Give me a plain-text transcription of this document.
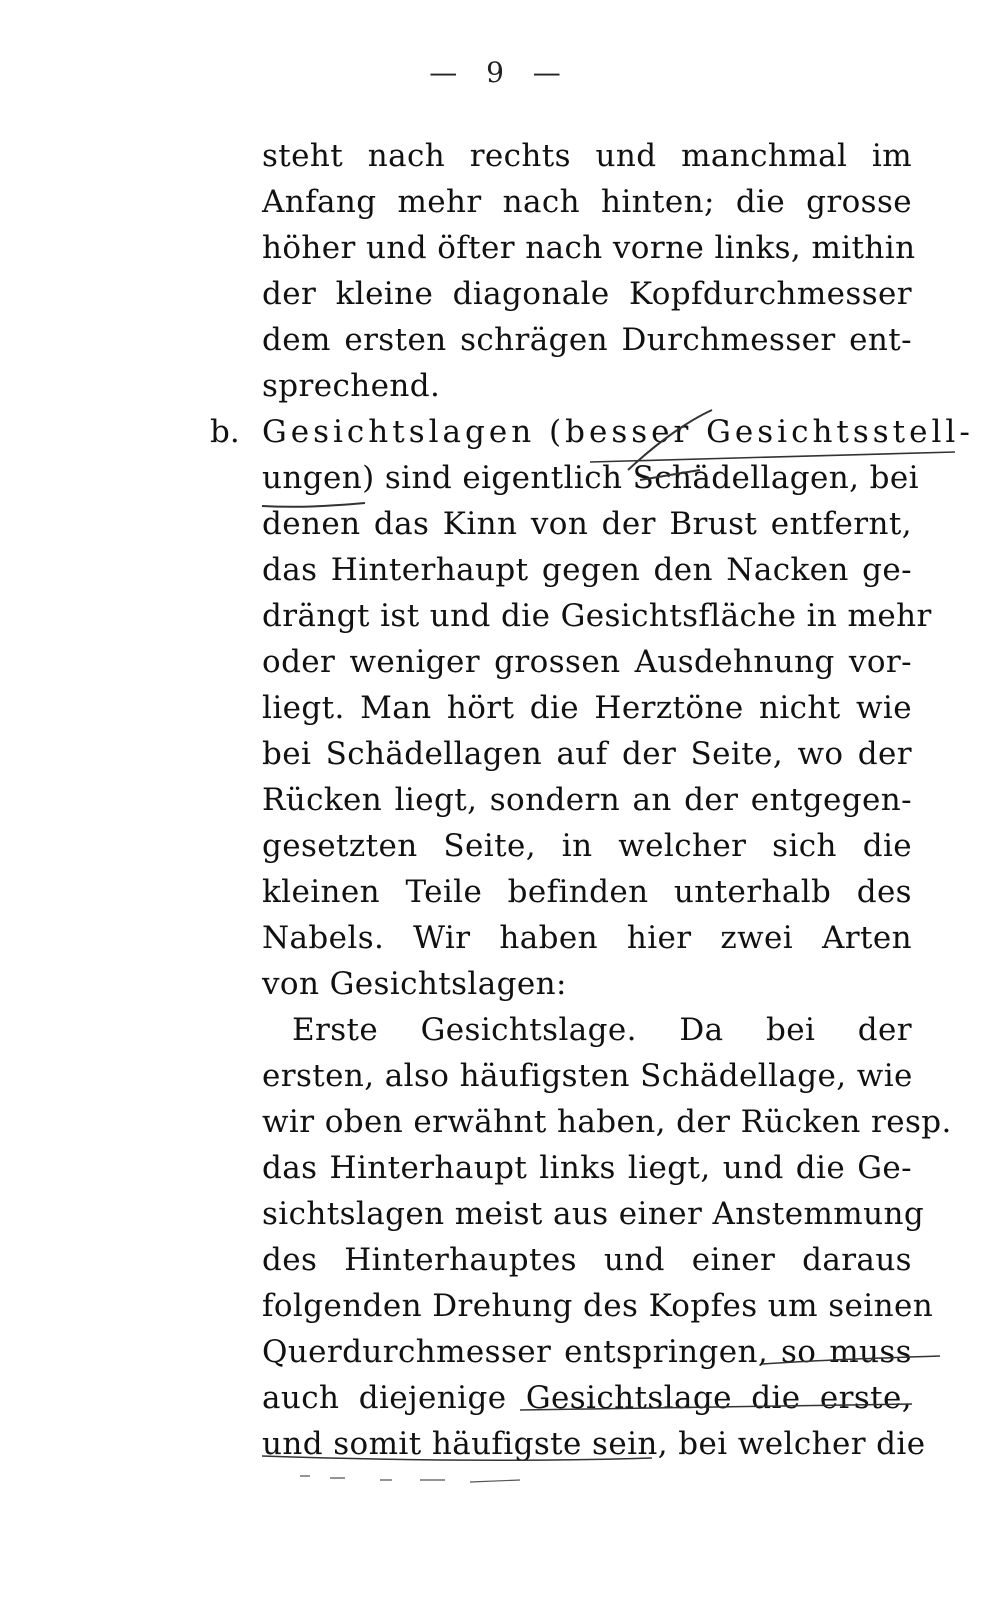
— 9 —
steht nach rechts und manchmal im
Anfang mehr nach hinten; die grosse
höher und öfter nach vorne links, mithin
der kleine diagonale Kopfdurchmesser
dem ersten schrägen Durchmesser ent-
sprechend.
b. Gesichtslagen (besser Gesichtsstell-
ungen) sind eigentlich Schädellagen, bei
denen das Kinn von der Brust entfernt,
das Hinterhaupt gegen den Nacken ge-
drängt ist und die Gesichtsfläche in mehr
oder weniger grossen Ausdehnung vor-
liegt. Man hört die Herztöne nicht wie
bei Schädellagen auf der Seite, wo der
Rücken liegt, sondern an der entgegen-
gesetzten Seite, in welcher sich die
kleinen Teile befinden unterhalb des
Nabels. Wir haben hier zwei Arten
von Gesichtslagen:
Erste Gesichtslage. Da bei der
ersten, also häufigsten Schädellage, wie
wir oben erwähnt haben, der Rücken resp.
das Hinterhaupt links liegt, und die Ge-
sichtslagen meist aus einer Anstemmung
des Hinterhauptes und einer daraus
folgenden Drehung des Kopfes um seinen
Querdurchmesser entspringen, so muss
auch diejenige Gesichtslage die erste,
und somit häufigste sein, bei welcher die
